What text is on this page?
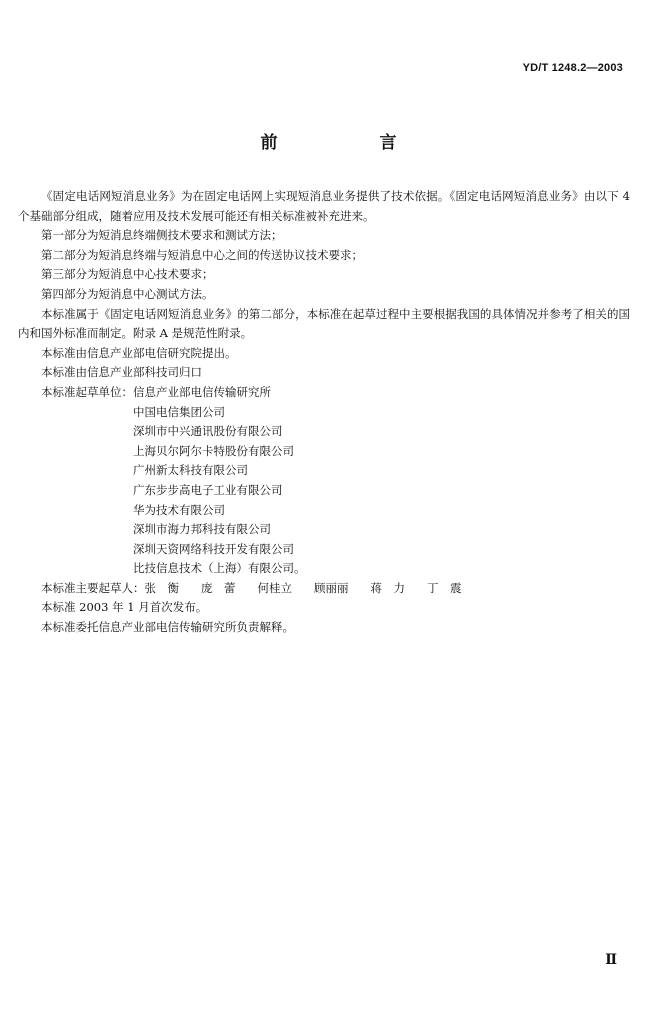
YD/T 1248.2—2003
前 言

《固定电话网短消息业务》为在固定电话网上实现短消息业务提供了技术依据。《固定电话网短消息业务》由以下 4 个基础部分组成，随着应用及技术发展可能还有相关标准被补充进来。

第一部分为短消息终端侧技术要求和测试方法；

第二部分为短消息终端与短消息中心之间的传送协议技术要求；

第三部分为短消息中心技术要求；

第四部分为短消息中心测试方法。

本标准属于《固定电话网短消息业务》的第二部分，本标准在起草过程中主要根据我国的具体情况并参考了相关的国内和国外标准而制定。附录 A 是规范性附录。

本标准由信息产业部电信研究院提出。

本标准由信息产业部科技司归口

本标准起草单位： 信息产业部电信传输研究所
中国电信集团公司
深圳市中兴通讯股份有限公司
上海贝尔阿尔卡特股份有限公司
广州新太科技有限公司
广东步步高电子工业有限公司
华为技术有限公司
深圳市海力邦科技有限公司
深圳天资网络科技开发有限公司
比技信息技术（上海）有限公司。
本标准主要起草人： 张　衡 庞　蕾 何桂立 顾丽丽 蒋　力 丁　震

本标准 2003 年 1 月首次发布。

本标准委托信息产业部电信传输研究所负责解释。

Ⅱ
